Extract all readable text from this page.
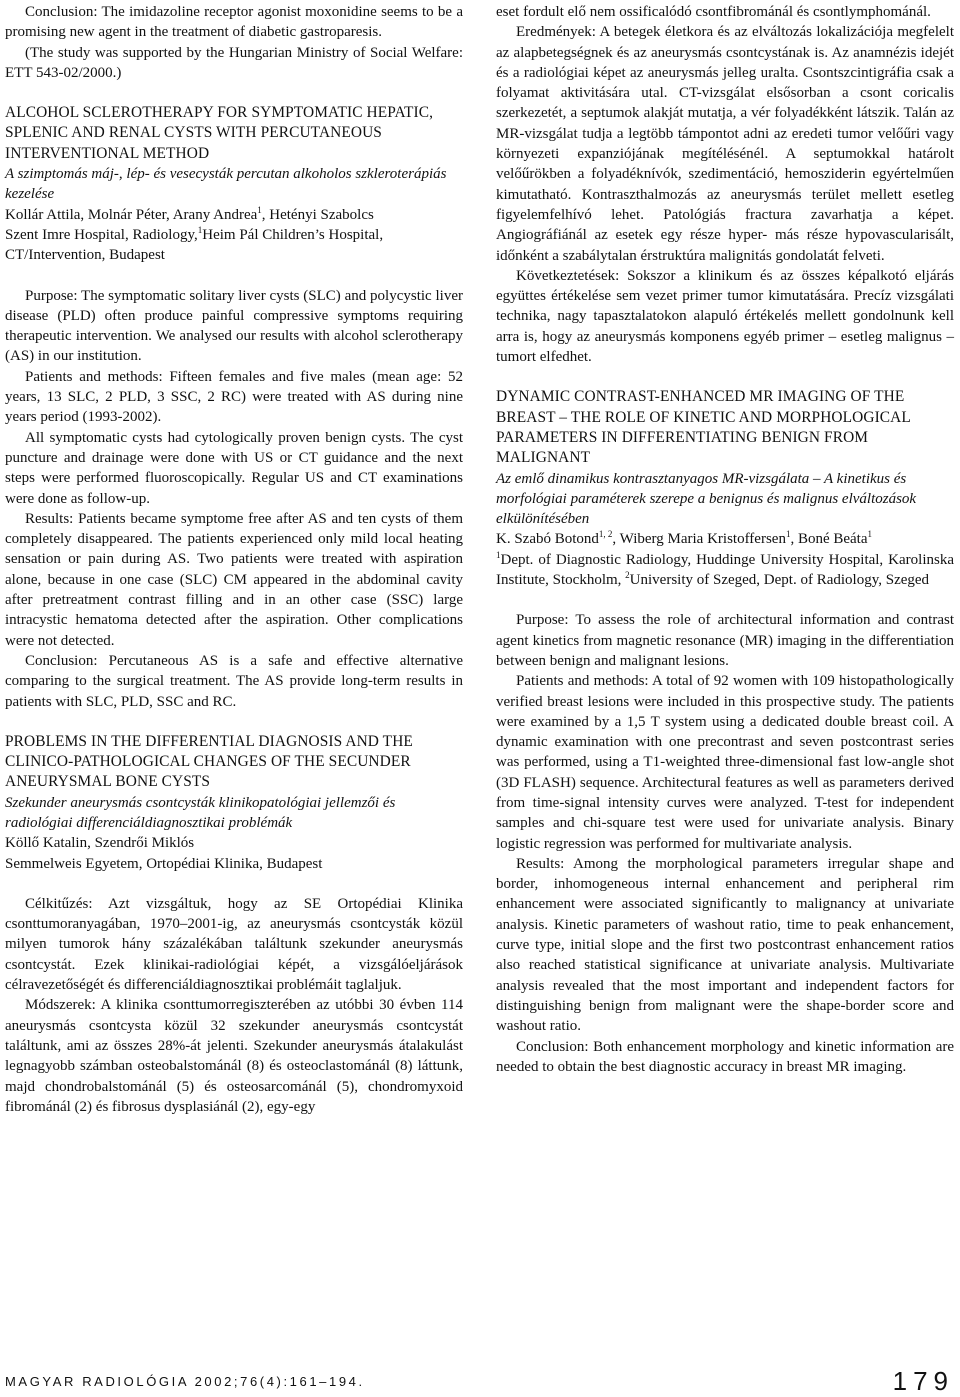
Conclusion: The imidazoline receptor agonist moxonidine seems to be a promising new agent in the treatment of diabetic gastroparesis.

(The study was supported by the Hungarian Ministry of Social Welfare: ETT 543-02/2000.)

ALCOHOL SCLEROTHERAPY FOR SYMPTOMATIC HEPATIC, SPLENIC AND RENAL CYSTS WITH PERCUTANEOUS INTERVENTIONAL METHOD

A szimptomás máj-, lép- és vesecysták percutan alkoholos szkleroterápiás kezelése

Kollár Attila, Molnár Péter, Arany Andrea$^1$, Hetényi Szabolcs

Szent Imre Hospital, Radiology,$^1$Heim Pál Children’s Hospital, CT/Intervention, Budapest

Purpose: The symptomatic solitary liver cysts (SLC) and polycystic liver disease (PLD) often produce painful compressive symptoms requiring therapeutic intervention. We analysed our results with alcohol sclerotherapy (AS) in our institution.

Patients and methods: Fifteen females and five males (mean age: 52 years, 13 SLC, 2 PLD, 3 SSC, 2 RC) were treated with AS during nine years period (1993-2002).

All symptomatic cysts had cytologically proven benign cysts. The cyst puncture and drainage were done with US or CT guidance and the next steps were performed fluoroscopically. Regular US and CT examinations were done as follow-up.

Results: Patients became symptome free after AS and ten cysts of them completely disappeared. The patients experienced only mild local heating sensation or pain during AS. Two patients were treated with aspiration alone, because in one case (SLC) CM appeared in the abdominal cavity after pretreatment contrast filling and in an other case (SSC) large intracystic hematoma detected after the aspiration. Other complications were not detected.

Conclusion: Percutaneous AS is a safe and effective alternative comparing to the surgical treatment. The AS provide long-term results in patients with SLC, PLD, SSC and RC.

PROBLEMS IN THE DIFFERENTIAL DIAGNOSIS AND THE CLINICO-PATHOLOGICAL CHANGES OF THE SECUNDER ANEURYSMAL BONE CYSTS

Szekunder aneurysmás csontcysták klinikopatológiai jellemzői és radiológiai differenciáldiagnosztikai problémák

Köllő Katalin, Szendrői Miklós

Semmelweis Egyetem, Ortopédiai Klinika, Budapest

Célkitűzés: Azt vizsgáltuk, hogy az SE Ortopédiai Klinika csonttumoranyagában, 1970–2001-ig, az aneurysmás csontcysták közül milyen tumorok hány százalékában találtunk szekunder aneurysmás csontcystát. Ezek klinikai-radiológiai képét, a vizsgálóeljárások célravezetőségét és differenciáldiagnosztikai problémáit taglaljuk.

Módszerek: A klinika csonttumorregiszterében az utóbbi 30 évben 114 aneurysmás csontcysta közül 32 szekunder aneurysmás csontcystát találtunk, ami az összes 28%-át jelenti. Szekunder aneurysmás átalakulást legnagyobb számban osteobalstománál (8) és osteoclastománál (8) láttunk, majd chondrobalstománál (5) és osteosarcománál (5), chondromyxoid fibrománál (2) és fibrosus dysplasiánál (2), egy-egy

eset fordult elő nem ossificalódó csontfibrománál és csontlymphománál.

Eredmények: A betegek életkora és az elváltozás lokalizációja megfelelt az alapbetegségnek és az aneurysmás csontcystának is. Az anamnézis idejét és a radiológiai képet az aneurysmás jelleg uralta. Csontszcintigráfia csak a folyamat aktivitására utal. CT-vizsgálat elsősorban a csont coricalis szerkezetét, a septumok alakját mutatja, a vér folyadékként látszik. Talán az MR-vizsgálat tudja a legtöbb támpontot adni az eredeti tumor velőűri vagy környezeti expanziójának megítélésénél. A septumokkal határolt velőűrökben a folyadéknívók, szedimentáció, hemosziderin egyértelműen kimutatható. Kontraszthalmozás az aneurysmás terület mellett esetleg figyelemfelhívó lehet. Patológiás fractura zavarhatja a képet. Angiográfiánál az esetek egy része hyper- más része hypovascularisált, időnként a szabálytalan érstruktúra malignitás gondolatát felveti.

Következtetések: Sokszor a klinikum és az összes képalkotó eljárás együttes értékelése sem vezet primer tumor kimutatására. Precíz vizsgálati technika, nagy tapasztalatokon alapuló értékelés mellett gondolnunk kell arra is, hogy az aneurysmás komponens egyéb primer – esetleg malignus – tumort elfedhet.

DYNAMIC CONTRAST-ENHANCED MR IMAGING OF THE BREAST – THE ROLE OF KINETIC AND MORPHOLOGICAL PARAMETERS IN DIFFERENTIATING BENIGN FROM MALIGNANT

Az emlő dinamikus kontrasztanyagos MR-vizsgálata – A kinetikus és morfológiai paraméterek szerepe a benignus és malignus elváltozások elkülönítésében

K. Szabó Botond$^{1, 2}$, Wiberg Maria Kristoffersen$^1$, Boné Beáta$^1$

$^1$Dept. of Diagnostic Radiology, Huddinge University Hospital, Karolinska Institute, Stockholm, $^2$University of Szeged, Dept. of Radiology, Szeged

Purpose: To assess the role of architectural information and contrast agent kinetics from magnetic resonance (MR) imaging in the differentiation between benign and malignant lesions.

Patients and methods: A total of 92 women with 109 histopathologically verified breast lesions were included in this prospective study. The patients were examined by a 1,5 T system using a dedicated double breast coil. A dynamic examination with one precontrast and seven postcontrast series was performed, using a T1-weighted three-dimensional fast low-angle shot (3D FLASH) sequence. Architectural features as well as parameters derived from time-signal intensity curves were analyzed. T-test for independent samples and chi-square test were used for univariate analysis. Binary logistic regression was performed for multivariate analysis.

Results: Among the morphological parameters irregular shape and border, inhomogeneous internal enhancement and peripheral rim enhancement were associated significantly to malignancy at univariate analysis. Kinetic parameters of washout ratio, time to peak enhancement, curve type, initial slope and the first two postcontrast enhancement ratios also reached statistical significance at univariate analysis. Multivariate analysis revealed that the most important and independent factors for distinguishing benign from malignant were the shape-border score and washout ratio.

Conclusion: Both enhancement morphology and kinetic information are needed to obtain the best diagnostic accuracy in breast MR imaging.

MAGYAR RADIOLÓGIA 2002;76(4):161–194.	179
